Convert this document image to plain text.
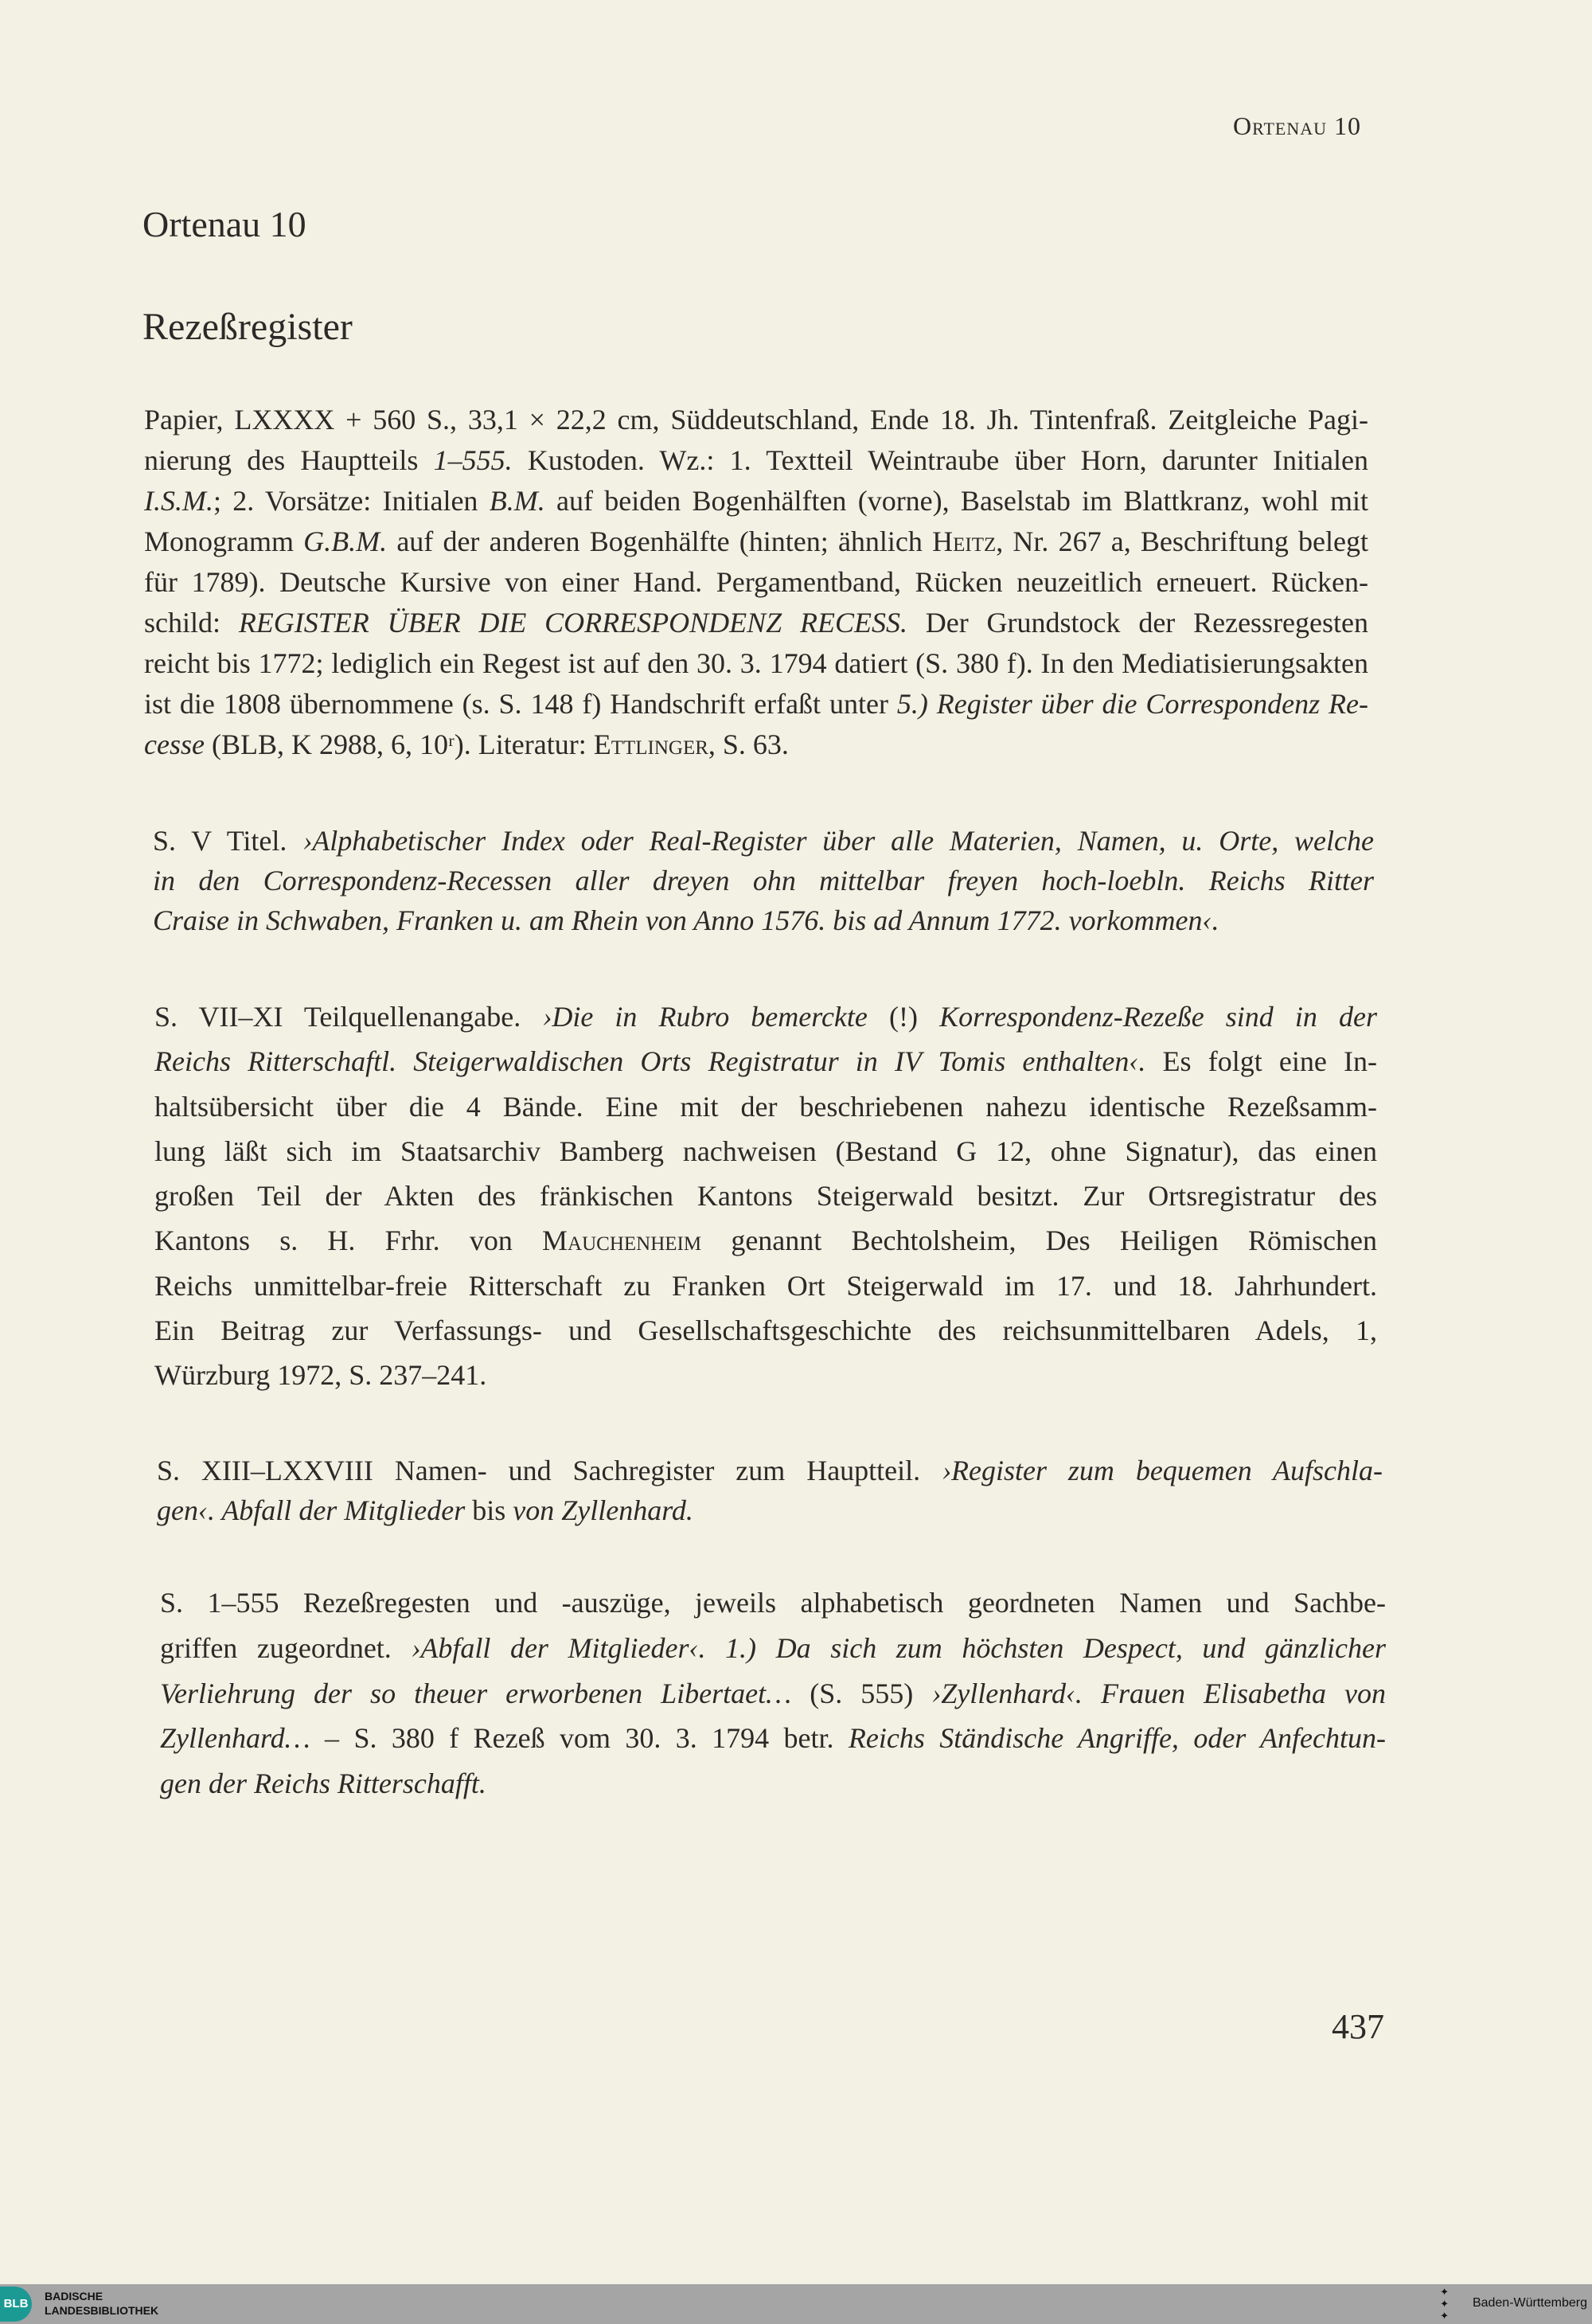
Ortenau 10
Ortenau 10
Rezeßregister
Papier, LXXXX + 560 S., 33,1 × 22,2 cm, Süddeutschland, Ende 18. Jh. Tintenfraß. Zeitgleiche Pagi-
nierung des Hauptteils 1–555. Kustoden. Wz.: 1. Textteil Weintraube über Horn, darunter Initialen
I.S.M.; 2. Vorsätze: Initialen B.M. auf beiden Bogenhälften (vorne), Baselstab im Blattkranz, wohl mit
Monogramm G.B.M. auf der anderen Bogenhälfte (hinten; ähnlich Heitz, Nr. 267 a, Beschriftung belegt
für 1789). Deutsche Kursive von einer Hand. Pergamentband, Rücken neuzeitlich erneuert. Rücken-
schild: REGISTER ÜBER DIE CORRESPONDENZ RECESS. Der Grundstock der Rezessregesten
reicht bis 1772; lediglich ein Regest ist auf den 30. 3. 1794 datiert (S. 380 f). In den Mediatisierungsakten
ist die 1808 übernommene (s. S. 148 f) Handschrift erfaßt unter 5.) Register über die Correspondenz Re-
cesse (BLB, K 2988, 6, 10ʳ). Literatur: Ettlinger, S. 63.
S. V Titel. ›Alphabetischer Index oder Real-Register über alle Materien, Namen, u. Orte, welche
in den Correspondenz-Recessen aller dreyen ohn mittelbar freyen hoch-loebln. Reichs Ritter
Craise in Schwaben, Franken u. am Rhein von Anno 1576. bis ad Annum 1772. vorkommen‹.
S. VII–XI Teilquellenangabe. ›Die in Rubro bemerckte (!) Korrespondenz-Rezeße sind in der
Reichs Ritterschaftl. Steigerwaldischen Orts Registratur in IV Tomis enthalten‹. Es folgt eine In-
haltsübersicht über die 4 Bände. Eine mit der beschriebenen nahezu identische Rezeßsamm-
lung läßt sich im Staatsarchiv Bamberg nachweisen (Bestand G 12, ohne Signatur), das einen
großen Teil der Akten des fränkischen Kantons Steigerwald besitzt. Zur Ortsregistratur des
Kantons s. H. Frhr. von Mauchenheim genannt Bechtolsheim, Des Heiligen Römischen
Reichs unmittelbar-freie Ritterschaft zu Franken Ort Steigerwald im 17. und 18. Jahrhundert.
Ein Beitrag zur Verfassungs- und Gesellschaftsgeschichte des reichsunmittelbaren Adels, 1,
Würzburg 1972, S. 237–241.
S. XIII–LXXVIII Namen- und Sachregister zum Hauptteil. ›Register zum bequemen Aufschla-
gen‹. Abfall der Mitglieder bis von Zyllenhard.
S. 1–555 Rezeßregesten und -auszüge, jeweils alphabetisch geordneten Namen und Sachbe-
griffen zugeordnet. ›Abfall der Mitglieder‹. 1.) Da sich zum höchsten Despect, und gänzlicher
Verliehrung der so theuer erworbenen Libertaet… (S. 555) ›Zyllenhard‹. Frauen Elisabetha von
Zyllenhard… – S. 380 f Rezeß vom 30. 3. 1794 betr. Reichs Ständische Angriffe, oder Anfechtun-
gen der Reichs Ritterschafft.
437
BLB
BADISCHE
LANDESBIBLIOTHEK
✦
✦
✦
Baden-Württemberg
